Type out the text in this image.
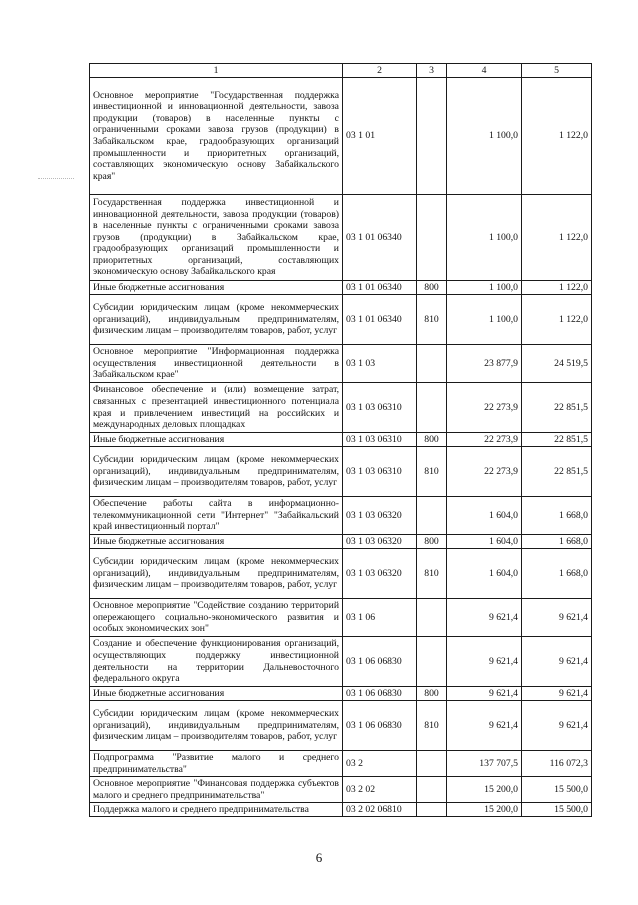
1	2	3	4	5
Основное мероприятие "Государственная поддержка инвестиционной и инновационной деятельности, завоза продукции (товаров) в населенные пункты с ограниченными сроками завоза грузов (продукции) в Забайкальском крае, градообразующих организаций промышленности и приоритетных организаций, составляющих экономическую основу Забайкальского края"	03 1 01		1 100,0	1 122,0
Государственная поддержка инвестиционной и инновационной деятельности, завоза продукции (товаров) в населенные пункты с ограниченными сроками завоза грузов (продукции) в Забайкальском крае, градообразующих организаций промышленности и приоритетных организаций, составляющих экономическую основу Забайкальского края	03 1 01 06340		1 100,0	1 122,0
Иные бюджетные ассигнования	03 1 01 06340	800	1 100,0	1 122,0
Субсидии юридическим лицам (кроме некоммерческих организаций), индивидуальным предпринимателям, физическим лицам – производителям товаров, работ, услуг	03 1 01 06340	810	1 100,0	1 122,0
Основное мероприятие "Информационная поддержка осуществления инвестиционной деятельности в Забайкальском крае"	03 1 03		23 877,9	24 519,5
Финансовое обеспечение и (или) возмещение затрат, связанных с презентацией инвестиционного потенциала края и привлечением инвестиций на российских и международных деловых площадках	03 1 03 06310		22 273,9	22 851,5
Иные бюджетные ассигнования	03 1 03 06310	800	22 273,9	22 851,5
Субсидии юридическим лицам (кроме некоммерческих организаций), индивидуальным предпринимателям, физическим лицам – производителям товаров, работ, услуг	03 1 03 06310	810	22 273,9	22 851,5
Обеспечение работы сайта в информационно-телекоммуникационной сети "Интернет" "Забайкальский край инвестиционный портал"	03 1 03 06320		1 604,0	1 668,0
Иные бюджетные ассигнования	03 1 03 06320	800	1 604,0	1 668,0
Субсидии юридическим лицам (кроме некоммерческих организаций), индивидуальным предпринимателям, физическим лицам – производителям товаров, работ, услуг	03 1 03 06320	810	1 604,0	1 668,0
Основное мероприятие "Содействие созданию территорий опережающего социально-экономического развития и особых экономических зон"	03 1 06		9 621,4	9 621,4
Создание и обеспечение функционирования организаций, осуществляющих поддержку инвестиционной деятельности на территории Дальневосточного федерального округа	03 1 06 06830		9 621,4	9 621,4
Иные бюджетные ассигнования	03 1 06 06830	800	9 621,4	9 621,4
Субсидии юридическим лицам (кроме некоммерческих организаций), индивидуальным предпринимателям, физическим лицам – производителям товаров, работ, услуг	03 1 06 06830	810	9 621,4	9 621,4
Подпрограмма "Развитие малого и среднего предпринимательства"	03 2		137 707,5	116 072,3
Основное мероприятие "Финансовая поддержка субъектов малого и среднего предпринимательства"	03 2 02		15 200,0	15 500,0
Поддержка малого и среднего предпринимательства	03 2 02 06810		15 200,0	15 500,0
6
